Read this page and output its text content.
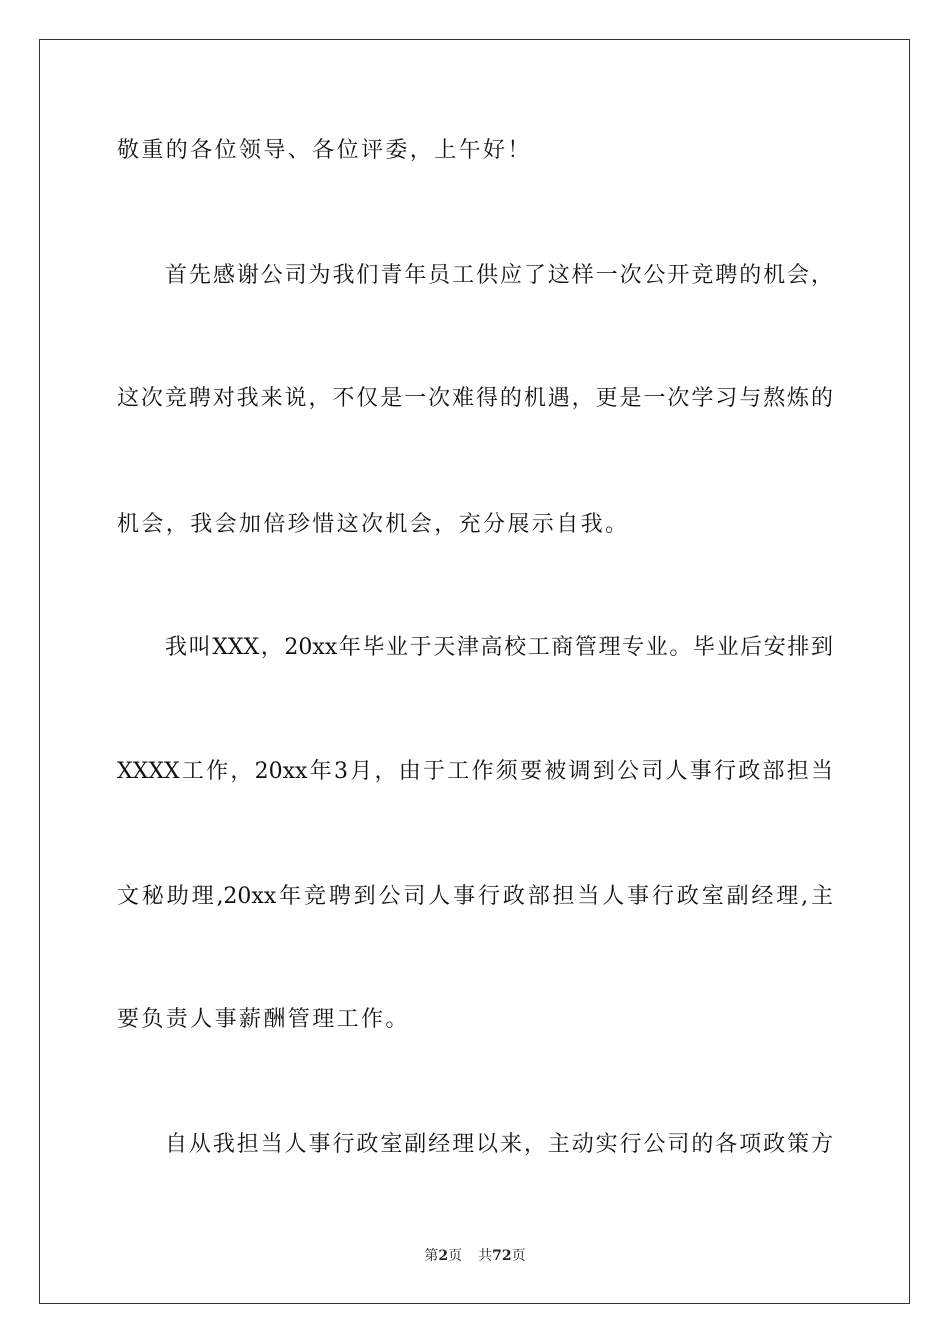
敬重的各位领导、各位评委，上午好！
首先感谢公司为我们青年员工供应了这样一次公开竞聘的机会，
这次竞聘对我来说，不仅是一次难得的机遇，更是一次学习与熬炼的
机会，我会加倍珍惜这次机会，充分展示自我。
我叫XXX，20xx年毕业于天津高校工商管理专业。毕业后安排到
XXXX工作，20xx年3月，由于工作须要被调到公司人事行政部担当
文秘助理,20xx年竞聘到公司人事行政部担当人事行政室副经理,主
要负责人事薪酬管理工作。
自从我担当人事行政室副经理以来，主动实行公司的各项政策方
第2页 共72页
